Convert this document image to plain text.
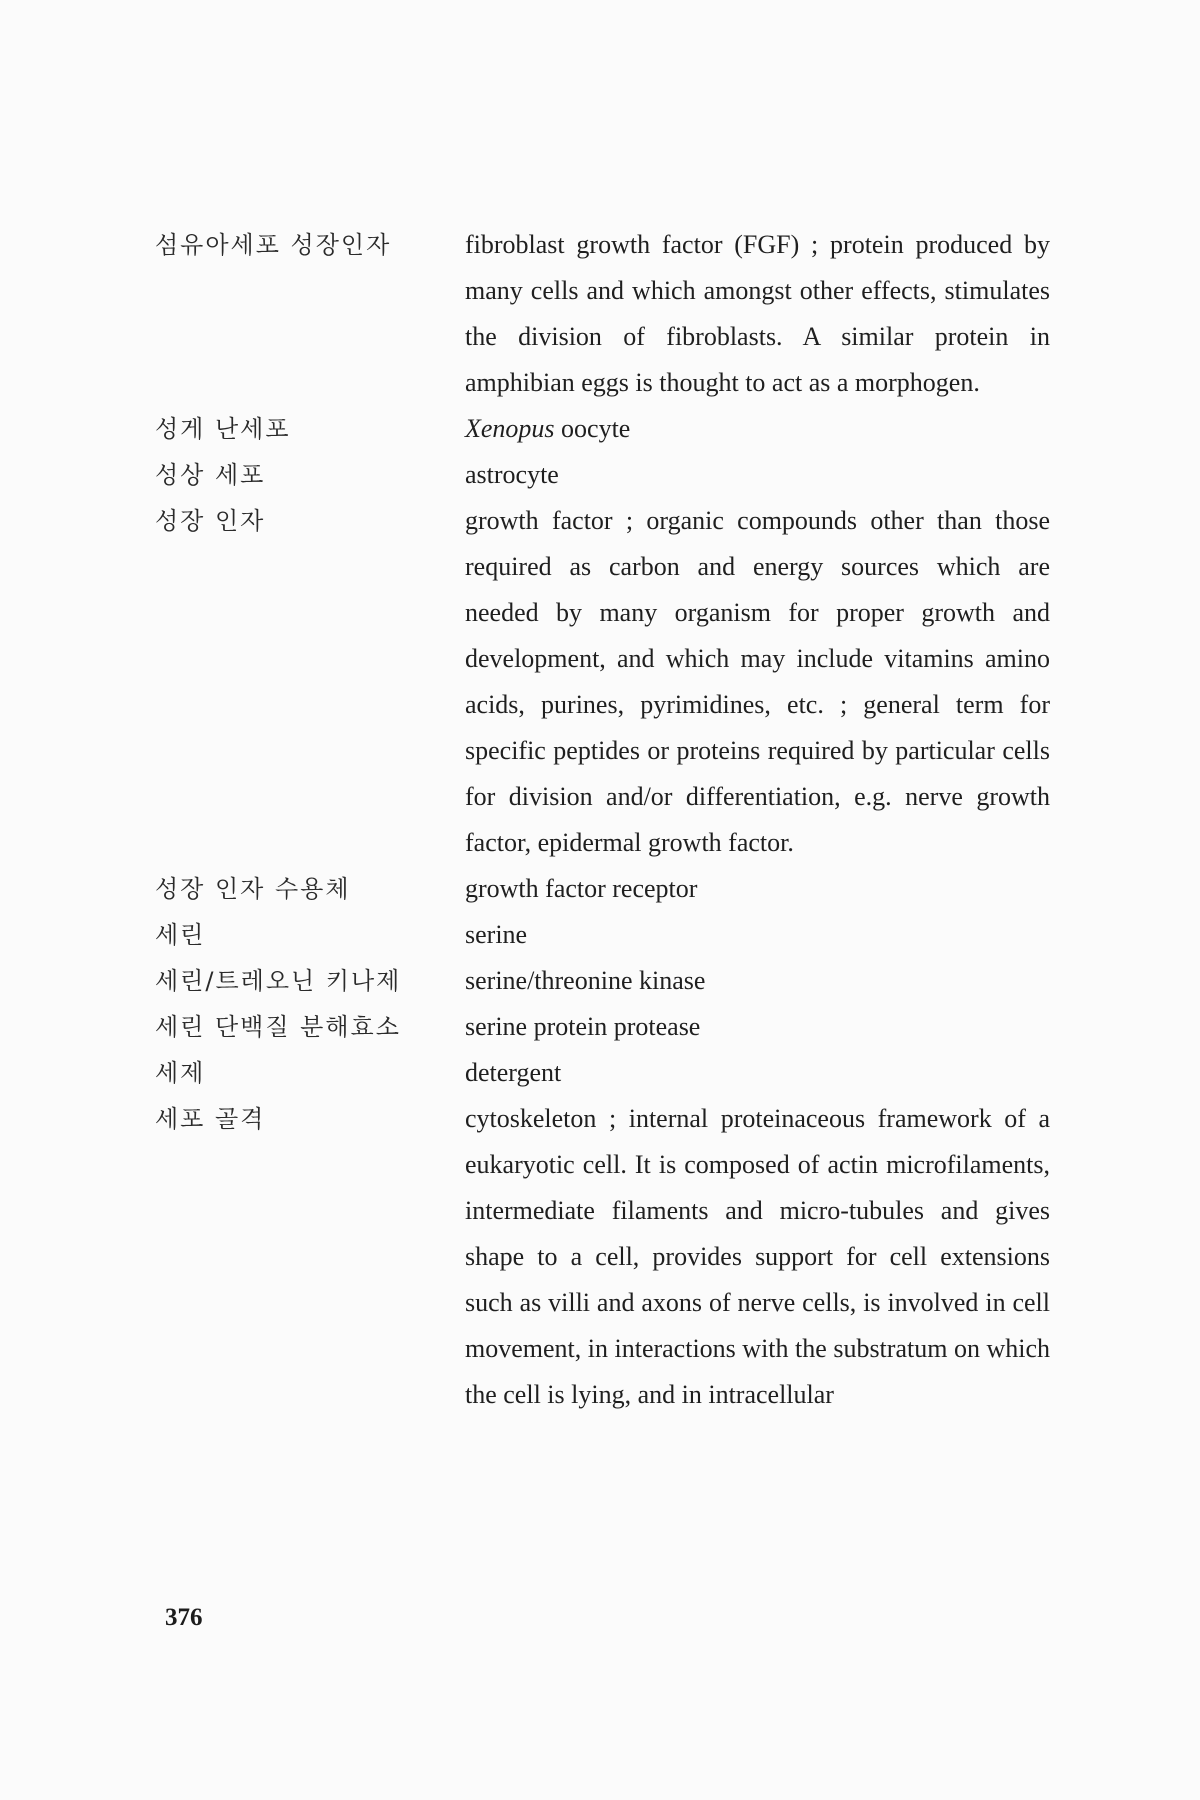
섬유아세포 성장인자	fibroblast growth factor (FGF) ; protein produced by many cells and which amongst other effects, stimulates the division of fibroblasts. A similar protein in amphibian eggs is thought to act as a morphogen.
성게 난세포	Xenopus oocyte
성상 세포	astrocyte
성장 인자	growth factor ; organic compounds other than those required as carbon and energy sources which are needed by many organism for proper growth and development, and which may include vitamins amino acids, purines, pyrimidines, etc. ; general term for specific peptides or proteins required by particular cells for division and/or differentiation, e.g. nerve growth factor, epidermal growth factor.
성장 인자 수용체	growth factor receptor
세린	serine
세린/트레오닌 키나제	serine/threonine kinase
세린 단백질 분해효소	serine protein protease
세제	detergent
세포 골격	cytoskeleton ; internal proteinaceous framework of a eukaryotic cell. It is composed of actin microfilaments, intermediate filaments and micro-tubules and gives shape to a cell, provides support for cell extensions such as villi and axons of nerve cells, is involved in cell movement, in interactions with the substratum on which the cell is lying, and in intracellular
376
